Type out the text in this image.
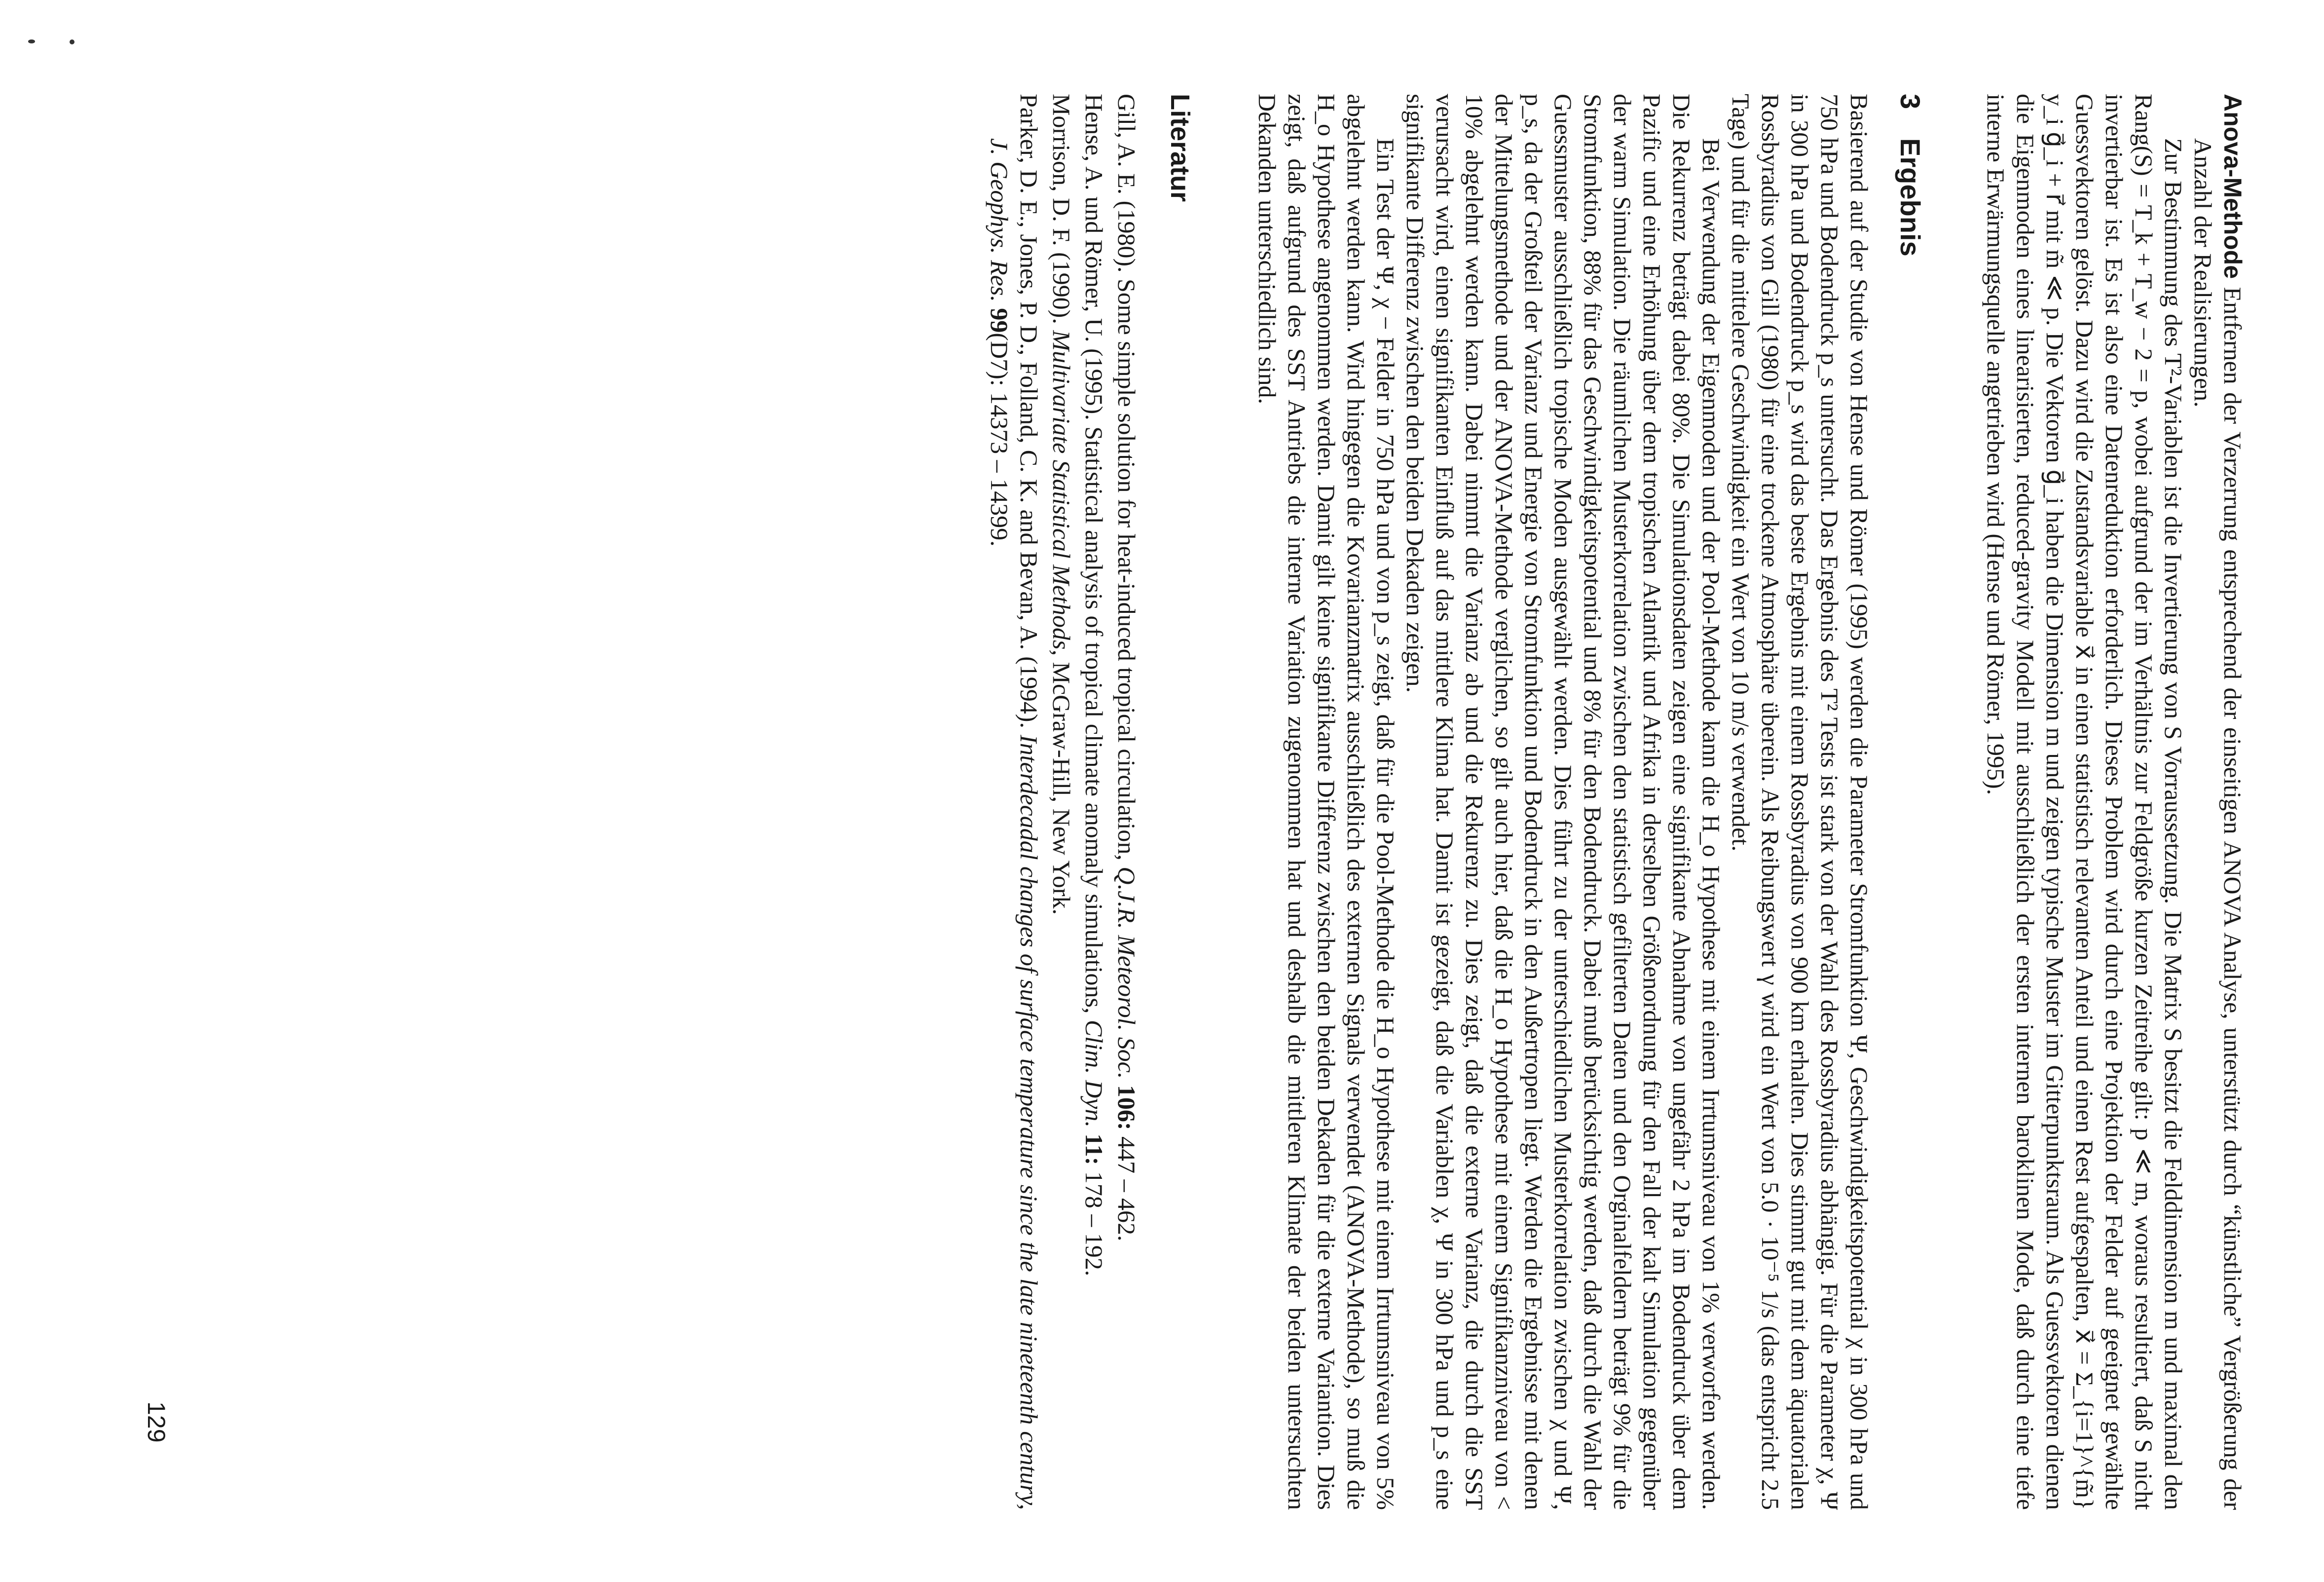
Anova-Methode Entfernen der Verzerrung entsprechend der einseitigen ANOVA Analyse, unterstützt durch “künstliche” Vergrößerung der Anzahl der Realisierungen.

Zur Bestimmung des T²-Variablen ist die Invertierung von S Vorraussetzung. Die Matrix S besitzt die Felddimension m und maximal den Rang(S) = T_k + T_w − 2 = p, wobei aufgrund der im Verhältnis zur Feldgröße kurzen Zeitreihe gilt: p ≪ m, woraus resultiert, daß S nicht invertierbar ist. Es ist also eine Datenreduktion erforderlich. Dieses Problem wird durch eine Projektion der Felder auf geeignet gewählte Guessvektoren gelöst. Dazu wird die Zustandsvariable x⃗ in einen statistisch relevanten Anteil und einen Rest aufgespalten, x⃗ = Σ_{i=1}^{m̃} y_i g⃗_i + r⃗ mit m̃ ≪ p. Die Vektoren g⃗_i haben die Dimension m und zeigen typische Muster im Gitterpunktsraum. Als Guessvektoren dienen die Eigenmoden eines linearisierten, reduced-gravity Modell mit ausschließlich der ersten internen baroklinen Mode, daß durch eine tiefe interne Erwärmungsquelle angetrieben wird (Hense und Römer, 1995).

3Ergebnis

Basierend auf der Studie von Hense und Römer (1995) werden die Parameter Stromfunktion Ψ, Geschwindigkeitspotential χ in 300 hPa und 750 hPa und Bodendruck p_s untersucht. Das Ergebnis des T² Tests ist stark von der Wahl des Rossbyradius abhängig. Für die Parameter χ, Ψ in 300 hPa und Bodendruck p_s wird das beste Ergebnis mit einem Rossbyradius von 900 km erhalten. Dies stimmt gut mit dem äquatorialen Rossbyradius von Gill (1980) für eine trockene Atmosphäre überein. Als Reibungswert γ wird ein Wert von 5.0 · 10⁻⁵ 1/s (das entspricht 2.5 Tage) und für die mittelere Geschwindigkeit ein Wert von 10 m/s verwendet.

Bei Verwendung der Eigenmoden und der Pool-Methode kann die H_o Hypothese mit einem Irrtumsniveau von 1% verworfen werden. Die Rekurrenz beträgt dabei 80%. Die Simulationsdaten zeigen eine signifikante Abnahme von ungefähr 2 hPa im Bodendruck über dem Pazific und eine Erhöhung über dem tropischen Atlantik und Afrika in derselben Größenordnung für den Fall der kalt Simulation gegenüber der warm Simulation. Die räumlichen Musterkorrelation zwischen den statistisch gefilterten Daten und den Orginalfeldern beträgt 9% für die Stromfunktion, 88% für das Geschwindigkeitspotential und 8% für den Bodendruck. Dabei muß berücksichtig werden, daß durch die Wahl der Guessmuster ausschließlich tropische Moden ausgewählt werden. Dies führt zu der unterschiedlichen Musterkorrelation zwischen χ und Ψ, p_s, da der Großteil der Varianz und Energie von Stromfunktion und Bodendruck in den Außertropen liegt. Werden die Ergebnisse mit denen der Mittelungsmethode und der ANOVA-Methode verglichen, so gilt auch hier, daß die H_o Hypothese mit einem Signifikanzniveau von < 10% abgelehnt werden kann. Dabei nimmt die Varianz ab und die Rekurenz zu. Dies zeigt, daß die externe Varianz, die durch die SST verursacht wird, einen signifikanten Einfluß auf das mittlere Klima hat. Damit ist gezeigt, daß die Variablen χ, Ψ in 300 hPa und p_s eine signifikante Differenz zwischen den beiden Dekaden zeigen.

Ein Test der Ψ, χ − Felder in 750 hPa und von p_s zeigt, daß für die Pool-Methode die H_o Hypothese mit einem Irrtumsniveau von 5% abgelehnt werden kann. Wird hingegen die Kovarianzmatrix ausschließlich des externen Signals verwendet (ANOVA-Methode), so muß die H_o Hypothese angenommen werden. Damit gilt keine signifikante Differenz zwischen den beiden Dekaden für die externe Variantion. Dies zeigt, daß aufgrund des SST Antriebs die interne Variation zugenommen hat und deshalb die mittleren Klimate der beiden untersuchten Dekanden unterschiedlich sind.

Literatur

Gill, A. E. (1980). Some simple solution for heat-induced tropical circulation, Q.J.R. Meteorol. Soc. 106: 447 – 462.

Hense, A. und Römer, U. (1995). Statistical analysis of tropical climate anomaly simulations, Clim. Dyn. 11: 178 – 192.

Morrison, D. F. (1990). Multivariate Statistical Methods, McGraw-Hill, New York.

Parker, D. E., Jones, P. D., Folland, C. K. and Bevan, A. (1994). Interdecadal changes of surface temperature since the late nineteenth century, J. Geophys. Res. 99(D7): 14373 – 14399.

129
